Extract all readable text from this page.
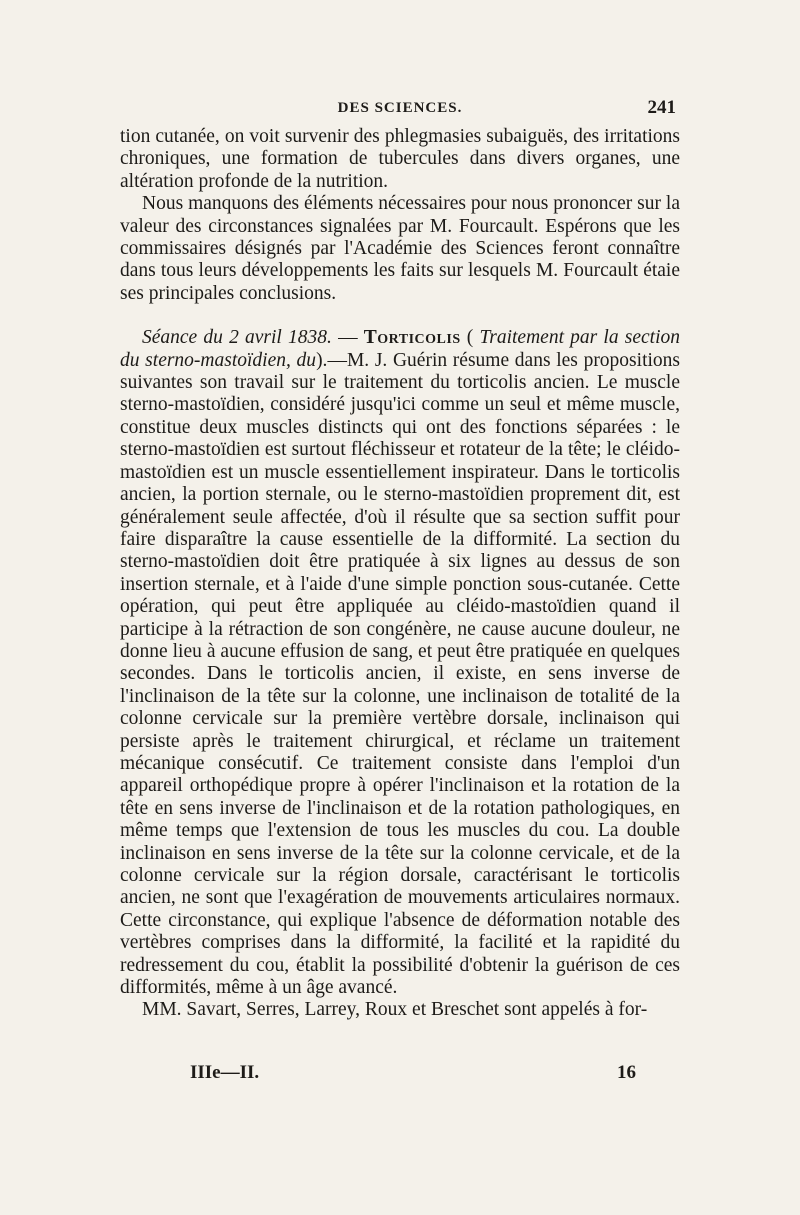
DES SCIENCES.	241

tion cutanée, on voit survenir des phlegmasies subaiguës, des irritations chroniques, une formation de tubercules dans divers organes, une altération profonde de la nutrition.

Nous manquons des éléments nécessaires pour nous prononcer sur la valeur des circonstances signalées par M. Fourcault. Espérons que les commissaires désignés par l'Académie des Sciences feront connaître dans tous leurs développements les faits sur lesquels M. Fourcault étaie ses principales conclusions.

Séance du 2 avril 1838. — Torticolis ( Traitement par la section du sterno-mastoïdien, du).—M. J. Guérin résume dans les propositions suivantes son travail sur le traitement du torticolis ancien. Le muscle sterno-mastoïdien, considéré jusqu'ici comme un seul et même muscle, constitue deux muscles distincts qui ont des fonctions séparées : le sterno-mastoïdien est surtout fléchisseur et rotateur de la tête; le cléido-mastoïdien est un muscle essentiellement inspirateur. Dans le torticolis ancien, la portion sternale, ou le sterno-mastoïdien proprement dit, est généralement seule affectée, d'où il résulte que sa section suffit pour faire disparaître la cause essentielle de la difformité. La section du sterno-mastoïdien doit être pratiquée à six lignes au dessus de son insertion sternale, et à l'aide d'une simple ponction sous-cutanée. Cette opération, qui peut être appliquée au cléido-mastoïdien quand il participe à la rétraction de son congénère, ne cause aucune douleur, ne donne lieu à aucune effusion de sang, et peut être pratiquée en quelques secondes. Dans le torticolis ancien, il existe, en sens inverse de l'inclinaison de la tête sur la colonne, une inclinaison de totalité de la colonne cervicale sur la première vertèbre dorsale, inclinaison qui persiste après le traitement chirurgical, et réclame un traitement mécanique consécutif. Ce traitement consiste dans l'emploi d'un appareil orthopédique propre à opérer l'inclinaison et la rotation de la tête en sens inverse de l'inclinaison et de la rotation pathologiques, en même temps que l'extension de tous les muscles du cou. La double inclinaison en sens inverse de la tête sur la colonne cervicale, et de la colonne cervicale sur la région dorsale, caractérisant le torticolis ancien, ne sont que l'exagération de mouvements articulaires normaux. Cette circonstance, qui explique l'absence de déformation notable des vertèbres comprises dans la difformité, la facilité et la rapidité du redressement du cou, établit la possibilité d'obtenir la guérison de ces difformités, même à un âge avancé.

MM. Savart, Serres, Larrey, Roux et Breschet sont appelés à for-

IIIe—II.	16
